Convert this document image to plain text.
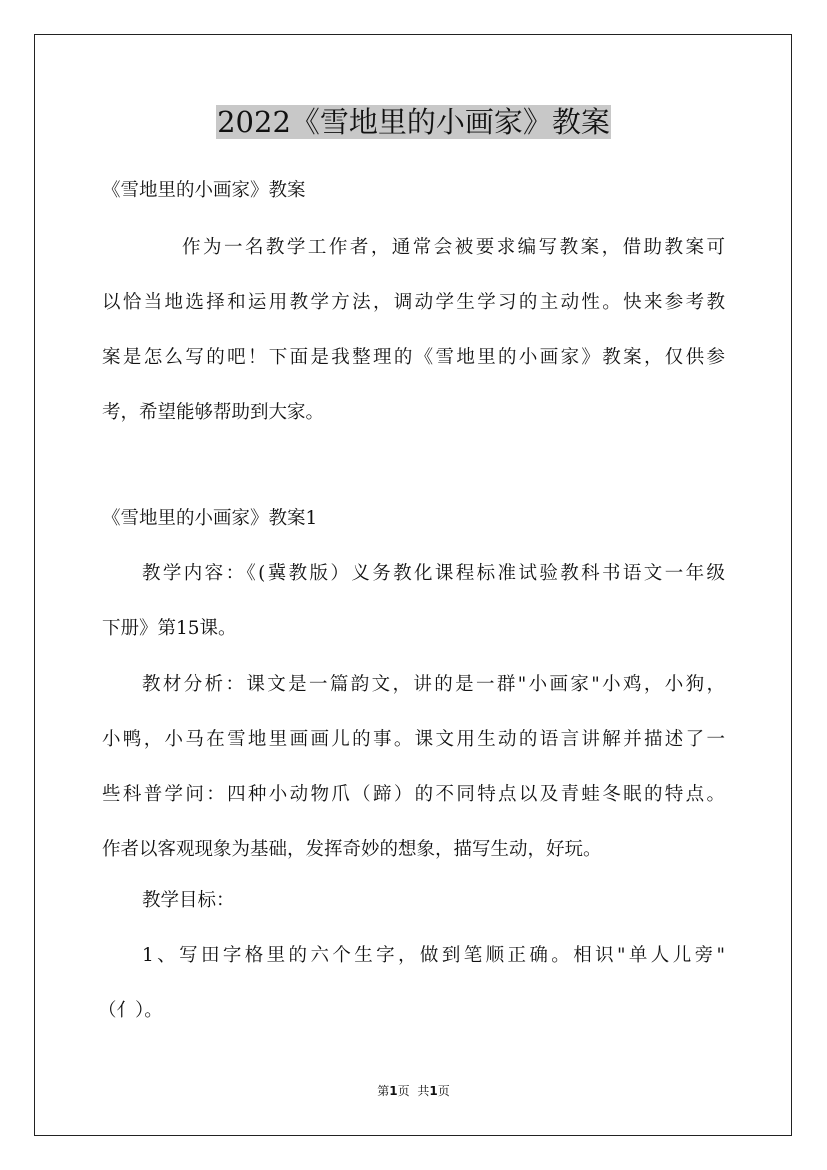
2022《雪地里的小画家》教案

《雪地里的小画家》教案

作为一名教学工作者，通常会被要求编写教案，借助教案可

以恰当地选择和运用教学方法，调动学生学习的主动性。快来参考教

案是怎么写的吧！下面是我整理的《雪地里的小画家》教案，仅供参

考，希望能够帮助到大家。

《雪地里的小画家》教案1

教学内容：《(冀教版）义务教化课程标准试验教科书语文一年级

下册》第15课。

教材分析：课文是一篇韵文，讲的是一群"小画家"小鸡，小狗，

小鸭，小马在雪地里画画儿的事。课文用生动的语言讲解并描述了一

些科普学问：四种小动物爪（蹄）的不同特点以及青蛙冬眠的特点。

作者以客观现象为基础，发挥奇妙的想象，描写生动，好玩。

教学目标：

1、写田字格里的六个生字，做到笔顺正确。相识"单人儿旁"

（亻）。

第1页 共1页
